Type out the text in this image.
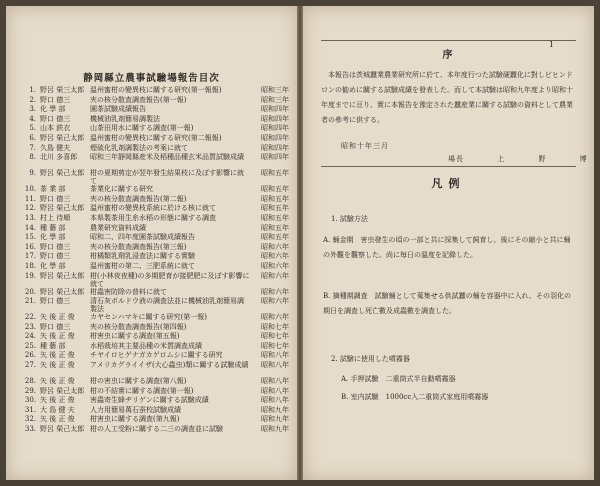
静岡縣立農事試驗場報告目次
1. 野呂 榮三太郎 温州蜜柑の變異枝に關する研究(第一報報)	昭和三年
2. 野口 德三	夾の核分散査調查報告(第一報)	昭和三年
3. 化 學 部	園茶試驗成績報告	昭和四年
4. 野口 德三	機械油乳剤簡易調製法	昭和四年
5. 山本 鉄衣	山茶田用水に關する調査(第一報)	昭和四年
6. 野呂 榮己太郎 温州蜜柑の變異枝に關する研究(第二報報)	昭和四年
7. 久島 健夫	煙硫化乳剤調製法の考案に就て	昭和四年
8. 北川 多喜郎	昭和三年靜岡縣産米及稻種品種玄米品質試驗成績	昭和四年
9. 野呂 榮己太郎 柑の夏期剪定が翌年發生結果枝に及ぼす影響に就て
昭和五年
10. 茶 業 部	茶業化に關する研究	昭和五年
11. 野口 德三	夾の核分散査調查報告(第二報)	昭和五年
12. 野呂 榮己太郎 温州蜜柑の變異枝系統に於ける核に就て	昭和五年
13. 村上 待順	本県製茶用生糸水稻の形態に關する調査	昭和五年
14. 種 藝 部	農業研究資料成績	昭和五年
15. 化 學 部	昭和二、四年度園茶試驗成績報告	昭和五年
16. 野口 德三	夾の核分散查調查報告(第三報)	昭和六年
17. 野口 德三	柑橘類乳劑乳浸査法に關する實驗	昭和六年
18. 化 學 部	温州蜜柑の第二、三肥系統に就て	昭和六年
19. 野呂 榮己太郎 柑(小林夜夜種)の多期肥育が接肥肥に及ぼす影響に就て
昭和六年
20. 野呂 榮己太郎 柑蟲害防除の普料に就て	昭和六年
21. 野口 德三	清石灰ボルドウ液の調査法並に機械油乳剤簡易調製法
昭和六年
22. 矢 後 正 俊	カヤセンハマキに關する研究(第一報)	昭和六年
23. 野口 德三	夾の核分散查調查報告(第四報)	昭和七年
24. 矢 後 正 俊	柑害虫に關する調査(第五報)	昭和七年
25. 種 藝 部	水稻栽培其主要品種の米質調査成績	昭和七年
26. 矢 後 正 俊	チヤイロヒゲナガカゲロムシに關する研究	昭和八年
27. 矢 後 正 俊	アメリカグライイザ(大心蟲虫)類に關する試驗成績	昭和八年
28. 矢 後 正 俊	柑の害虫に關する調査(第八報)	昭和八年
29. 野呂 榮己太郎 柑の不結實に關する調査(第一報)	昭和八年
30. 矢 後 正 俊	害蟲寄生蜂ヂリゲンに關する試驗成績	昭和八年
31. 大 島 健 夫	人力用簡易萬石蚕校試驗成績	昭和九年
32. 矢 後 正 俊	柑害虫に關する調査(第九報)	昭和九年
33. 野呂 榮己太郎 柑の人工受粉に關する二三の調査並に試驗	昭和九年
1
序
本報告は茨城蠶業農業研究所に於て、本年度行つた試驗硬蠶化に對しビヒンドロンの勧めに關する試驗成績を發表した。而して本試驗は昭和九年度より昭和十年度までに亘り、實に本報告を豫定された蠶産業に關する試驗の資料として農業者の參考に供する。
昭和十年三月
場長	上 野 博
凡例
1. 試驗方法
A. 蛹金期　害虫發生の頃の一部と共に採集して飼育し、後にその縮小と共に蛹の外觀を觀察した。尚に毎日の溫度を記錄した。
B. 摘種期調査　試驗蛹として蒐集せる供試蠶の蛹を容器中に入れ、その羽化の期日を調査し死亡數及成蟲數を調査した。
2. 試驗に使用した噴霧器
A. 手押試驗　二重筒式半自動噴霧器
B. 室内試驗　1000cc入二重筒式家庭用噴霧器
